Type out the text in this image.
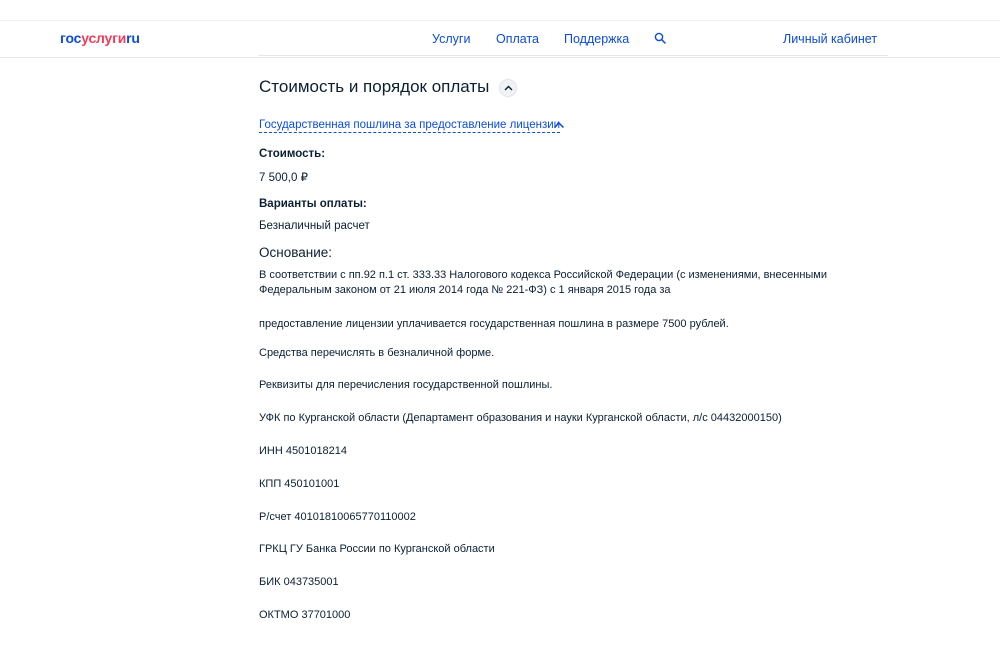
госуслугиru	Услуги Оплата Поддержка	Личный кабинет
Стоимость и порядок оплаты
Государственная пошлина за предоставление лицензии
Стоимость:
7 500,0 ₽
Варианты оплаты:
Безналичный расчет
Основание:
В соответствии с пп.92 п.1 ст. 333.33 Налогового кодекса Российской Федерации (с изменениями, внесенными Федеральным законом от 21 июля 2014 года № 221-ФЗ) с 1 января 2015 года за
предоставление лицензии уплачивается государственная пошлина в размере 7500 рублей.
Средства перечислять в безналичной форме.
Реквизиты для перечисления государственной пошлины.
УФК по Курганской области (Департамент образования и науки Курганской области, л/с 04432000150)
ИНН 4501018214
КПП 450101001
Р/счет 40101810065770110002
ГРКЦ ГУ Банка России по Курганской области
БИК 043735001
ОКТМО 37701000
